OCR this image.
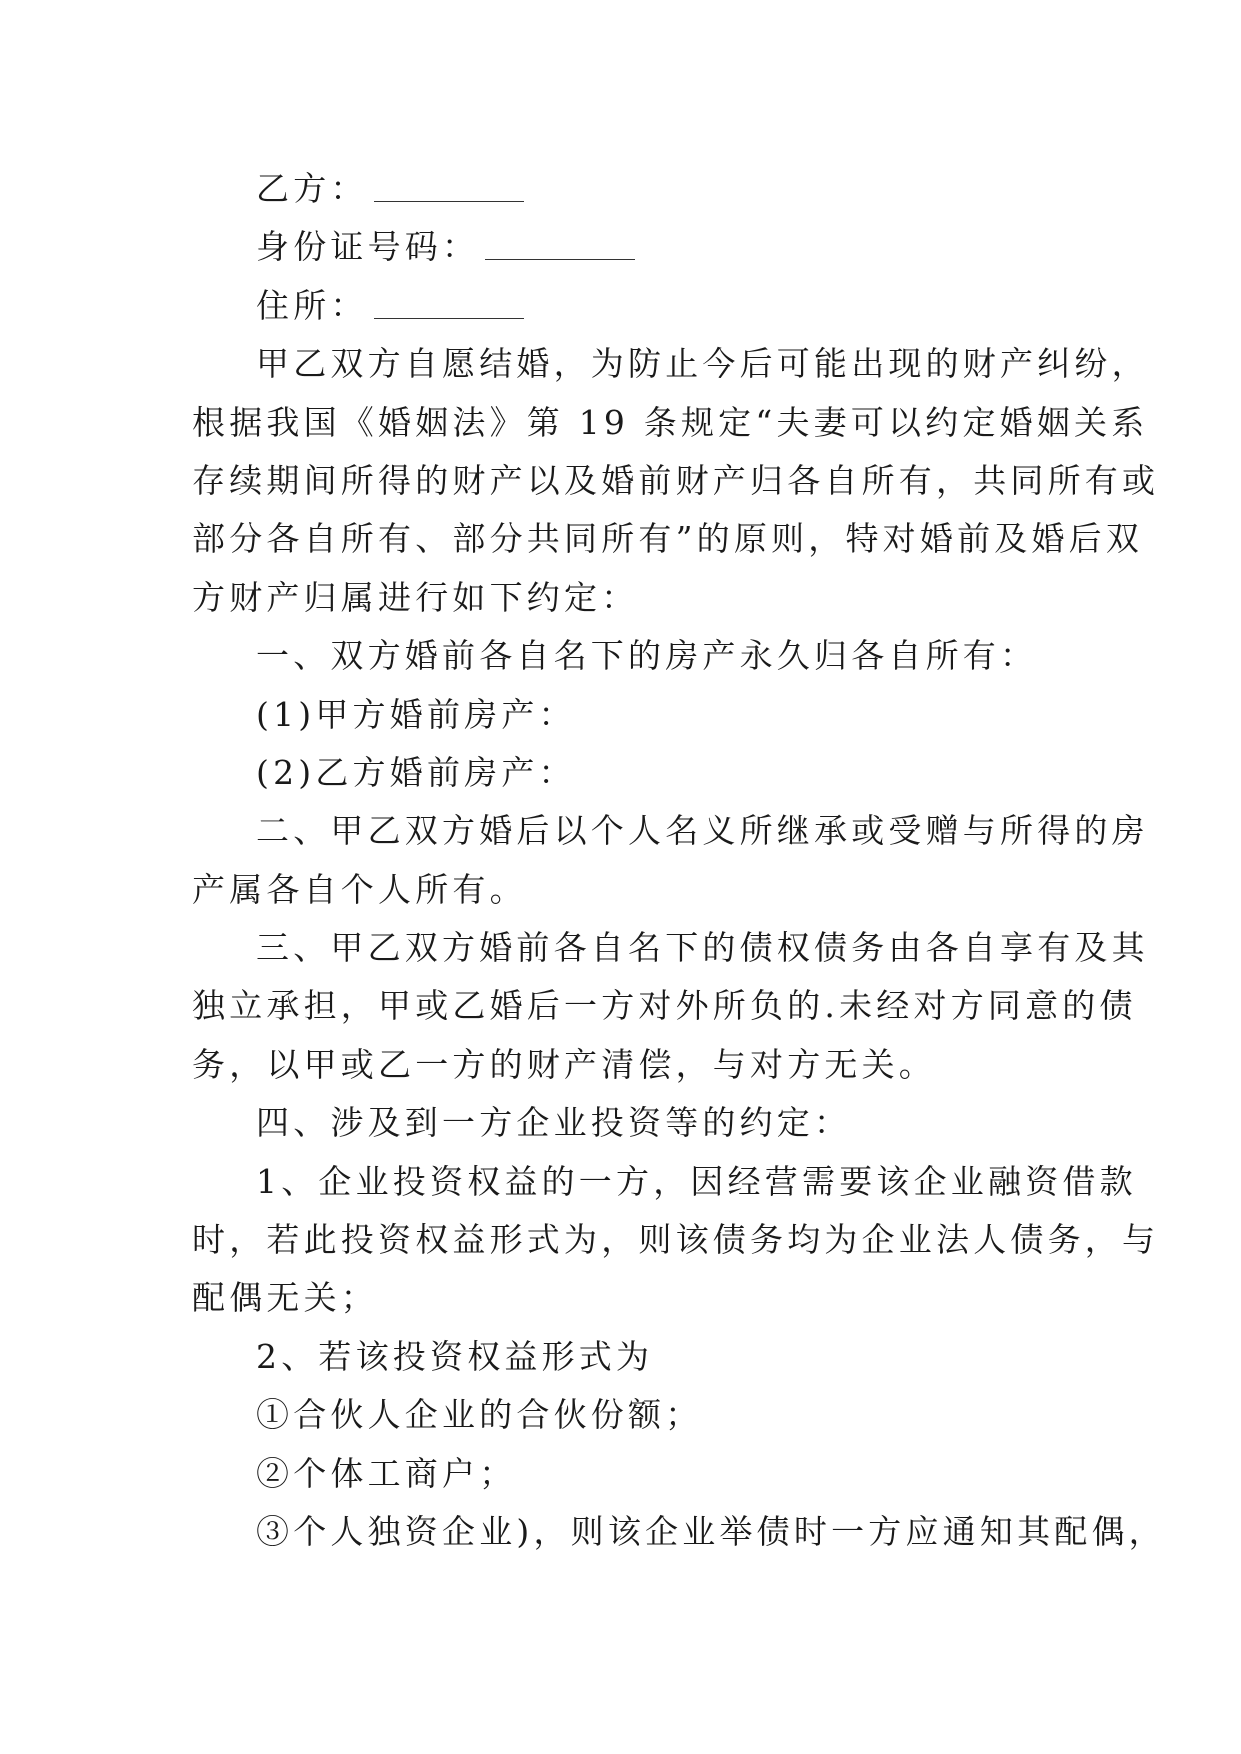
乙方：
身份证号码：
住所：
甲乙双方自愿结婚，为防止今后可能出现的财产纠纷，
根据我国《婚姻法》第 19 条规定“夫妻可以约定婚姻关系
存续期间所得的财产以及婚前财产归各自所有，共同所有或
部分各自所有、部分共同所有”的原则，特对婚前及婚后双
方财产归属进行如下约定：
一、双方婚前各自名下的房产永久归各自所有：
(1)甲方婚前房产：
(2)乙方婚前房产：
二、甲乙双方婚后以个人名义所继承或受赠与所得的房
产属各自个人所有。
三、甲乙双方婚前各自名下的债权债务由各自享有及其
独立承担，甲或乙婚后一方对外所负的.未经对方同意的债
务，以甲或乙一方的财产清偿，与对方无关。
四、涉及到一方企业投资等的约定：
1、企业投资权益的一方，因经营需要该企业融资借款
时，若此投资权益形式为，则该债务均为企业法人债务，与
配偶无关；
2、若该投资权益形式为
①合伙人企业的合伙份额；
②个体工商户；
③个人独资企业)，则该企业举债时一方应通知其配偶，
